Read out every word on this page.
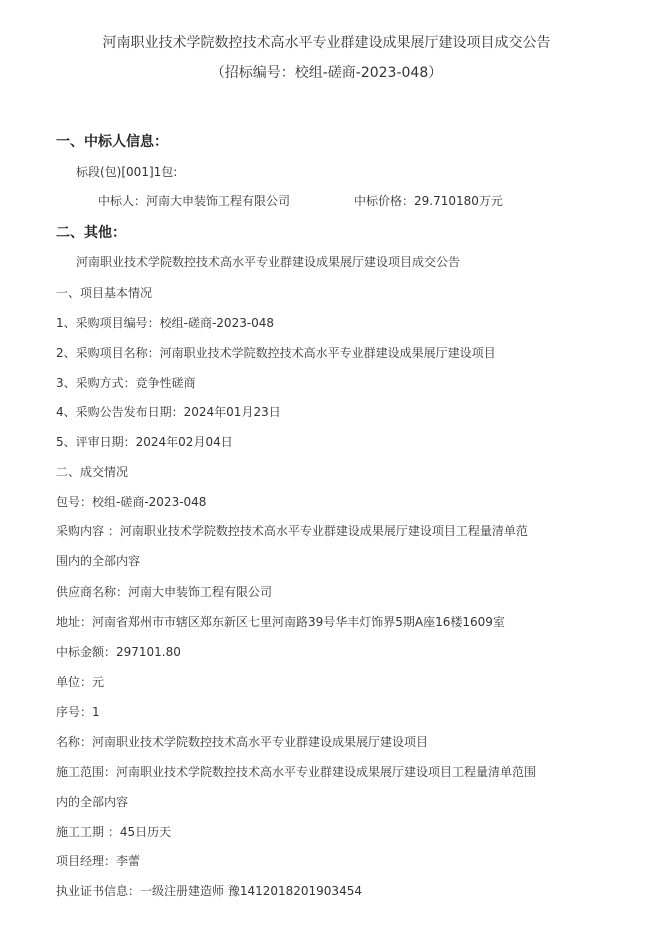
河南职业技术学院数控技术高水平专业群建设成果展厅建设项目成交公告
（招标编号：校组-磋商-2023-048）
一、中标人信息：
标段(包)[001]1包:
中标人：河南大申装饰工程有限公司	中标价格：29.710180万元
二、其他：
河南职业技术学院数控技术高水平专业群建设成果展厅建设项目成交公告
一、项目基本情况
1、采购项目编号：校组-磋商-2023-048
2、采购项目名称：河南职业技术学院数控技术高水平专业群建设成果展厅建设项目
3、采购方式：竞争性磋商
4、采购公告发布日期：2024年01月23日
5、评审日期：2024年02月04日
二、成交情况
包号：校组-磋商-2023-048
采购内容 ：河南职业技术学院数控技术高水平专业群建设成果展厅建设项目工程量清单范
围内的全部内容
供应商名称：河南大申装饰工程有限公司
地址：河南省郑州市市辖区郑东新区七里河南路39号华丰灯饰界5期A座16楼1609室
中标金额：297101.80
单位：元
序号：1
名称：河南职业技术学院数控技术高水平专业群建设成果展厅建设项目
施工范围：河南职业技术学院数控技术高水平专业群建设成果展厅建设项目工程量清单范围
内的全部内容
施工工期 ：45日历天
项目经理：李蕾
执业证书信息：一级注册建造师 豫1412018201903454
